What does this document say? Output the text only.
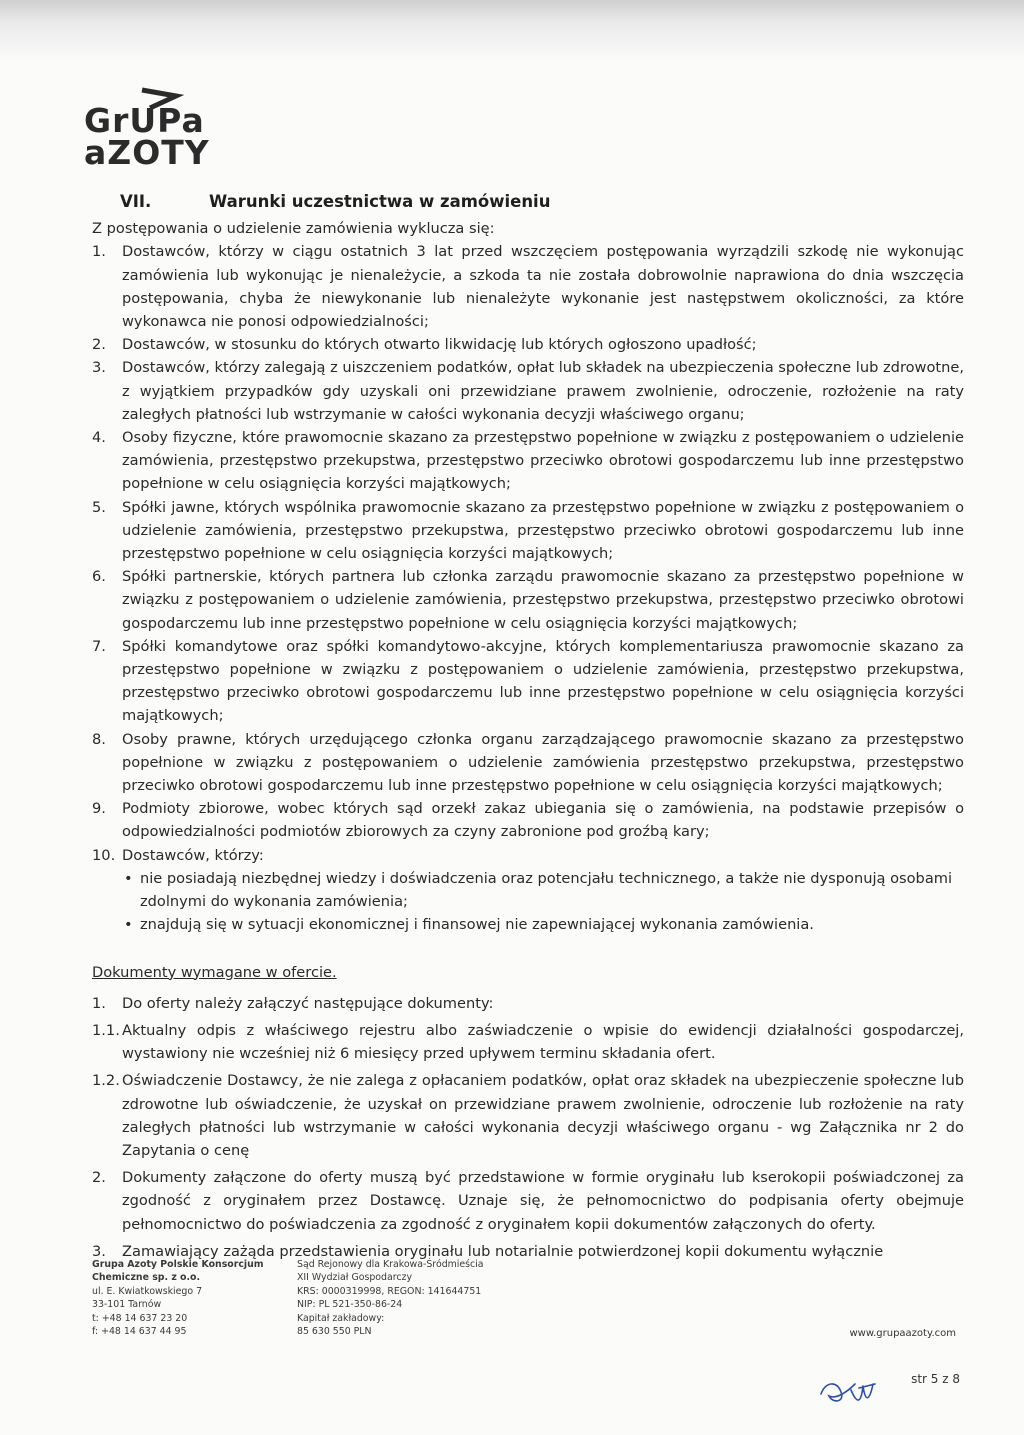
GrUPa
aZOTY
VII.	Warunki uczestnictwa w zamówieniu

Z postępowania o udzielenie zamówienia wyklucza się:

1.	Dostawców, którzy w ciągu ostatnich 3 lat przed wszczęciem postępowania wyrządzili szkodę nie wykonując zamówienia lub wykonując je nienależycie, a szkoda ta nie została dobrowolnie naprawiona do dnia wszczęcia postępowania, chyba że niewykonanie lub nienależyte wykonanie jest następstwem okoliczności, za które wykonawca nie ponosi odpowiedzialności;
2.	Dostawców, w stosunku do których otwarto likwidację lub których ogłoszono upadłość;
3.	Dostawców, którzy zalegają z uiszczeniem podatków, opłat lub składek na ubezpieczenia społeczne lub zdrowotne, z wyjątkiem przypadków gdy uzyskali oni przewidziane prawem zwolnienie, odroczenie, rozłożenie na raty zaległych płatności lub wstrzymanie w całości wykonania decyzji właściwego organu;
4.	Osoby fizyczne, które prawomocnie skazano za przestępstwo popełnione w związku z postępowaniem o udzielenie zamówienia, przestępstwo przekupstwa, przestępstwo przeciwko obrotowi gospodarczemu lub inne przestępstwo popełnione w celu osiągnięcia korzyści majątkowych;
5.	Spółki jawne, których wspólnika prawomocnie skazano za przestępstwo popełnione w związku z postępowaniem o udzielenie zamówienia, przestępstwo przekupstwa, przestępstwo przeciwko obrotowi gospodarczemu lub inne przestępstwo popełnione w celu osiągnięcia korzyści majątkowych;
6.	Spółki partnerskie, których partnera lub członka zarządu prawomocnie skazano za przestępstwo popełnione w związku z postępowaniem o udzielenie zamówienia, przestępstwo przekupstwa, przestępstwo przeciwko obrotowi gospodarczemu lub inne przestępstwo popełnione w celu osiągnięcia korzyści majątkowych;
7.	Spółki komandytowe oraz spółki komandytowo-akcyjne, których komplementariusza prawomocnie skazano za przestępstwo popełnione w związku z postępowaniem o udzielenie zamówienia, przestępstwo przekupstwa, przestępstwo przeciwko obrotowi gospodarczemu lub inne przestępstwo popełnione w celu osiągnięcia korzyści majątkowych;
8.	Osoby prawne, których urzędującego członka organu zarządzającego prawomocnie skazano za przestępstwo popełnione w związku z postępowaniem o udzielenie zamówienia przestępstwo przekupstwa, przestępstwo przeciwko obrotowi gospodarczemu lub inne przestępstwo popełnione w celu osiągnięcia korzyści majątkowych;
9.	Podmioty zbiorowe, wobec których sąd orzekł zakaz ubiegania się o zamówienia, na podstawie przepisów o odpowiedzialności podmiotów zbiorowych za czyny zabronione pod groźbą kary;
10. Dostawców, którzy:
• nie posiadają niezbędnej wiedzy i doświadczenia oraz potencjału technicznego, a także nie dysponują osobami zdolnymi do wykonania zamówienia;
• znajdują się w sytuacji ekonomicznej i finansowej nie zapewniającej wykonania zamówienia.
Dokumenty wymagane w ofercie.
1.	Do oferty należy załączyć następujące dokumenty:
1.1. Aktualny odpis z właściwego rejestru albo zaświadczenie o wpisie do ewidencji działalności gospodarczej, wystawiony nie wcześniej niż 6 miesięcy przed upływem terminu składania ofert.
1.2. Oświadczenie Dostawcy, że nie zalega z opłacaniem podatków, opłat oraz składek na ubezpieczenie społeczne lub zdrowotne lub oświadczenie, że uzyskał on przewidziane prawem zwolnienie, odroczenie lub rozłożenie na raty zaległych płatności lub wstrzymanie w całości wykonania decyzji właściwego organu - wg Załącznika nr 2 do Zapytania o cenę
2.	Dokumenty załączone do oferty muszą być przedstawione w formie oryginału lub kserokopii poświadczonej za zgodność z oryginałem przez Dostawcę. Uznaje się, że pełnomocnictwo do podpisania oferty obejmuje pełnomocnictwo do poświadczenia za zgodność z oryginałem kopii dokumentów załączonych do oferty.
3.	Zamawiający zażąda przedstawienia oryginału lub notarialnie potwierdzonej kopii dokumentu wyłącznie
Grupa Azoty Polskie Konsorcjum
Chemiczne sp. z o.o.
ul. E. Kwiatkowskiego 7
33-101 Tarnów
t: +48 14 637 23 20
f: +48 14 637 44 95
Sąd Rejonowy dla Krakowa-Śródmieścia
XII Wydział Gospodarczy
KRS: 0000319998, REGON: 141644751
NIP: PL 521-350-86-24
Kapitał zakładowy:
85 630 550 PLN	www.grupaazoty.com
str 5 z 8
